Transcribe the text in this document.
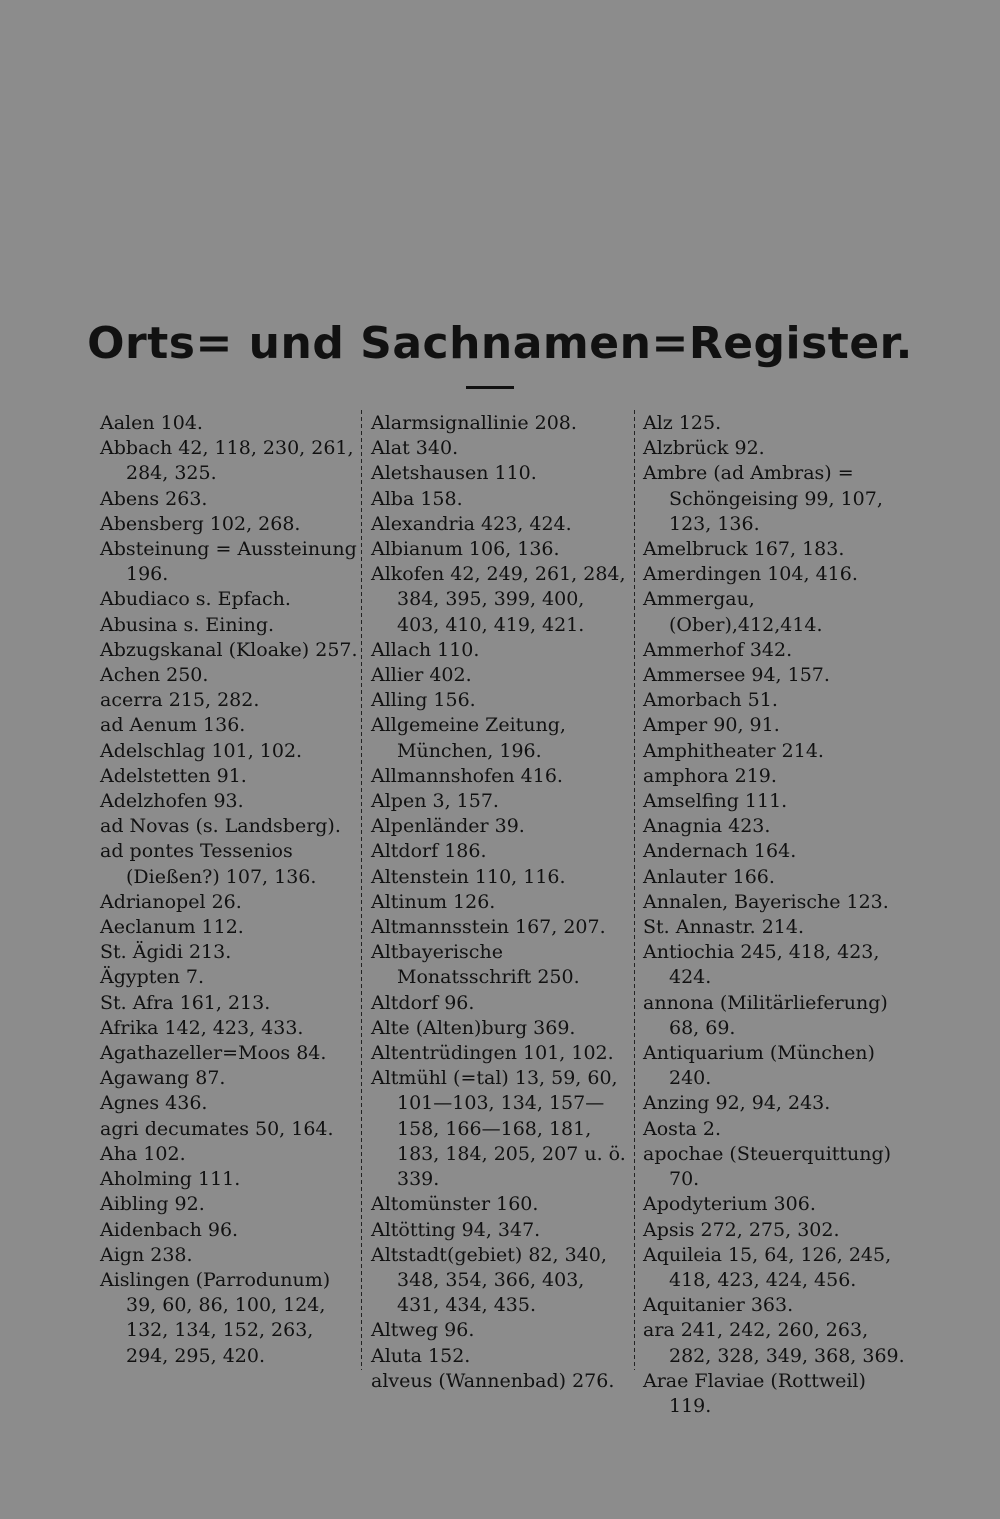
Orts= und Sachnamen=Register.

Aalen 104.

Abbach 42, 118, 230, 261, 284, 325.

Abens 263.

Abensberg 102, 268.

Absteinung = Aussteinung 196.

Abudiaco s. Epfach.

Abusina s. Eining.

Abzugskanal (Kloake) 257.

Achen 250.

acerra 215, 282.

ad Aenum 136.

Adelschlag 101, 102.

Adelstetten 91.

Adelzhofen 93.

ad Novas (s. Landsberg).

ad pontes Tessenios (Dießen?) 107, 136.

Adrianopel 26.

Aeclanum 112.

St. Ägidi 213.

Ägypten 7.

St. Afra 161, 213.

Afrika 142, 423, 433.

Agathazeller=Moos 84.

Agawang 87.

Agnes 436.

agri decumates 50, 164.

Aha 102.

Aholming 111.

Aibling 92.

Aidenbach 96.

Aign 238.

Aislingen (Parrodunum) 39, 60, 86, 100, 124, 132, 134, 152, 263, 294, 295, 420.

Alarmsignallinie 208.

Alat 340.

Aletshausen 110.

Alba 158.

Alexandria 423, 424.

Albianum 106, 136.

Alkofen 42, 249, 261, 284, 384, 395, 399, 400, 403, 410, 419, 421.

Allach 110.

Allier 402.

Alling 156.

Allgemeine Zeitung, München, 196.

Allmannshofen 416.

Alpen 3, 157.

Alpenländer 39.

Altdorf 186.

Altenstein 110, 116.

Altinum 126.

Altmannsstein 167, 207.

Altbayerische Monatsschrift 250.

Altdorf 96.

Alte (Alten)burg 369.

Altentrüdingen 101, 102.

Altmühl (=tal) 13, 59, 60, 101—103, 134, 157—158, 166—168, 181, 183, 184, 205, 207 u. ö. 339.

Altomünster 160.

Altötting 94, 347.

Altstadt(gebiet) 82, 340, 348, 354, 366, 403, 431, 434, 435.

Altweg 96.

Aluta 152.

alveus (Wannenbad) 276.

Alz 125.

Alzbrück 92.

Ambre (ad Ambras) = Schöngeising 99, 107, 123, 136.

Amelbruck 167, 183.

Amerdingen 104, 416.

Ammergau,(Ober),412,414.

Ammerhof 342.

Ammersee 94, 157.

Amorbach 51.

Amper 90, 91.

Amphitheater 214.

amphora 219.

Amselfing 111.

Anagnia 423.

Andernach 164.

Anlauter 166.

Annalen, Bayerische 123.

St. Annastr. 214.

Antiochia 245, 418, 423, 424.

annona (Militärlieferung) 68, 69.

Antiquarium (München) 240.

Anzing 92, 94, 243.

Aosta 2.

apochae (Steuerquittung) 70.

Apodyterium 306.

Apsis 272, 275, 302.

Aquileia 15, 64, 126, 245, 418, 423, 424, 456.

Aquitanier 363.

ara 241, 242, 260, 263, 282, 328, 349, 368, 369.

Arae Flaviae (Rottweil) 119.
